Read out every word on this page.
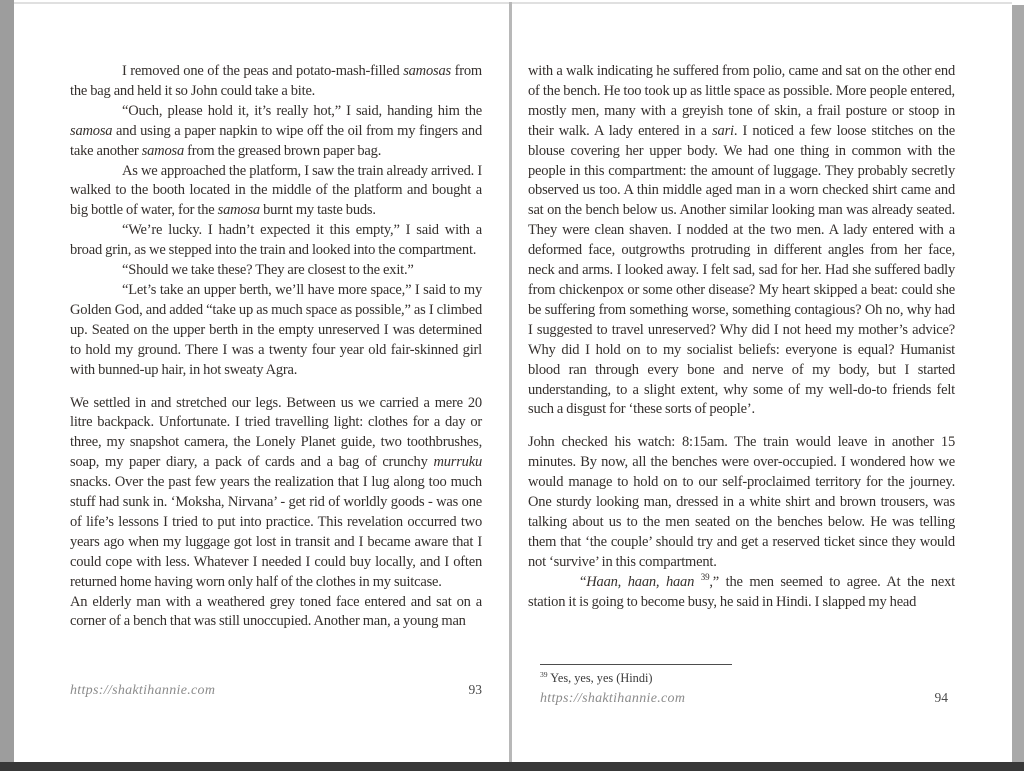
I removed one of the peas and potato-mash-filled samosas from the bag and held it so John could take a bite.

“Ouch, please hold it, it’s really hot,” I said, handing him the samosa and using a paper napkin to wipe off the oil from my fingers and take another samosa from the greased brown paper bag.

As we approached the platform, I saw the train already arrived. I walked to the booth located in the middle of the platform and bought a big bottle of water, for the samosa burnt my taste buds.

“We’re lucky. I hadn’t expected it this empty,” I said with a broad grin, as we stepped into the train and looked into the compartment.

“Should we take these? They are closest to the exit.”

“Let’s take an upper berth, we’ll have more space,” I said to my Golden God, and added “take up as much space as possible,” as I climbed up. Seated on the upper berth in the empty unreserved I was determined to hold my ground. There I was a twenty four year old fair-skinned girl with bunned-up hair, in hot sweaty Agra.

We settled in and stretched our legs. Between us we carried a mere 20 litre backpack. Unfortunate. I tried travelling light: clothes for a day or three, my snapshot camera, the Lonely Planet guide, two toothbrushes, soap, my paper diary, a pack of cards and a bag of crunchy murruku snacks. Over the past few years the realization that I lug along too much stuff had sunk in. ‘Moksha, Nirvana’ - get rid of worldly goods - was one of life’s lessons I tried to put into practice. This revelation occurred two years ago when my luggage got lost in transit and I became aware that I could cope with less. Whatever I needed I could buy locally, and I often returned home having worn only half of the clothes in my suitcase.

An elderly man with a weathered grey toned face entered and sat on a corner of a bench that was still unoccupied. Another man, a young man

https://shaktihannie.com	93

with a walk indicating he suffered from polio, came and sat on the other end of the bench. He too took up as little space as possible. More people entered, mostly men, many with a greyish tone of skin, a frail posture or stoop in their walk. A lady entered in a sari. I noticed a few loose stitches on the blouse covering her upper body. We had one thing in common with the people in this compartment: the amount of luggage. They probably secretly observed us too. A thin middle aged man in a worn checked shirt came and sat on the bench below us. Another similar looking man was already seated. They were clean shaven. I nodded at the two men. A lady entered with a deformed face, outgrowths protruding in different angles from her face, neck and arms. I looked away. I felt sad, sad for her. Had she suffered badly from chickenpox or some other disease? My heart skipped a beat: could she be suffering from something worse, something contagious? Oh no, why had I suggested to travel unreserved? Why did I not heed my mother’s advice? Why did I hold on to my socialist beliefs: everyone is equal? Humanist blood ran through every bone and nerve of my body, but I started understanding, to a slight extent, why some of my well-do-to friends felt such a disgust for ‘these sorts of people’.

John checked his watch: 8:15am. The train would leave in another 15 minutes. By now, all the benches were over-occupied. I wondered how we would manage to hold on to our self-proclaimed territory for the journey. One sturdy looking man, dressed in a white shirt and brown trousers, was talking about us to the men seated on the benches below. He was telling them that ‘the couple’ should try and get a reserved ticket since they would not ‘survive’ in this compartment.

“Haan, haan, haan $^{39}$,” the men seemed to agree. At the next station it is going to become busy, he said in Hindi. I slapped my head

$^{39}$ Yes, yes, yes (Hindi)
https://shaktihannie.com	94
